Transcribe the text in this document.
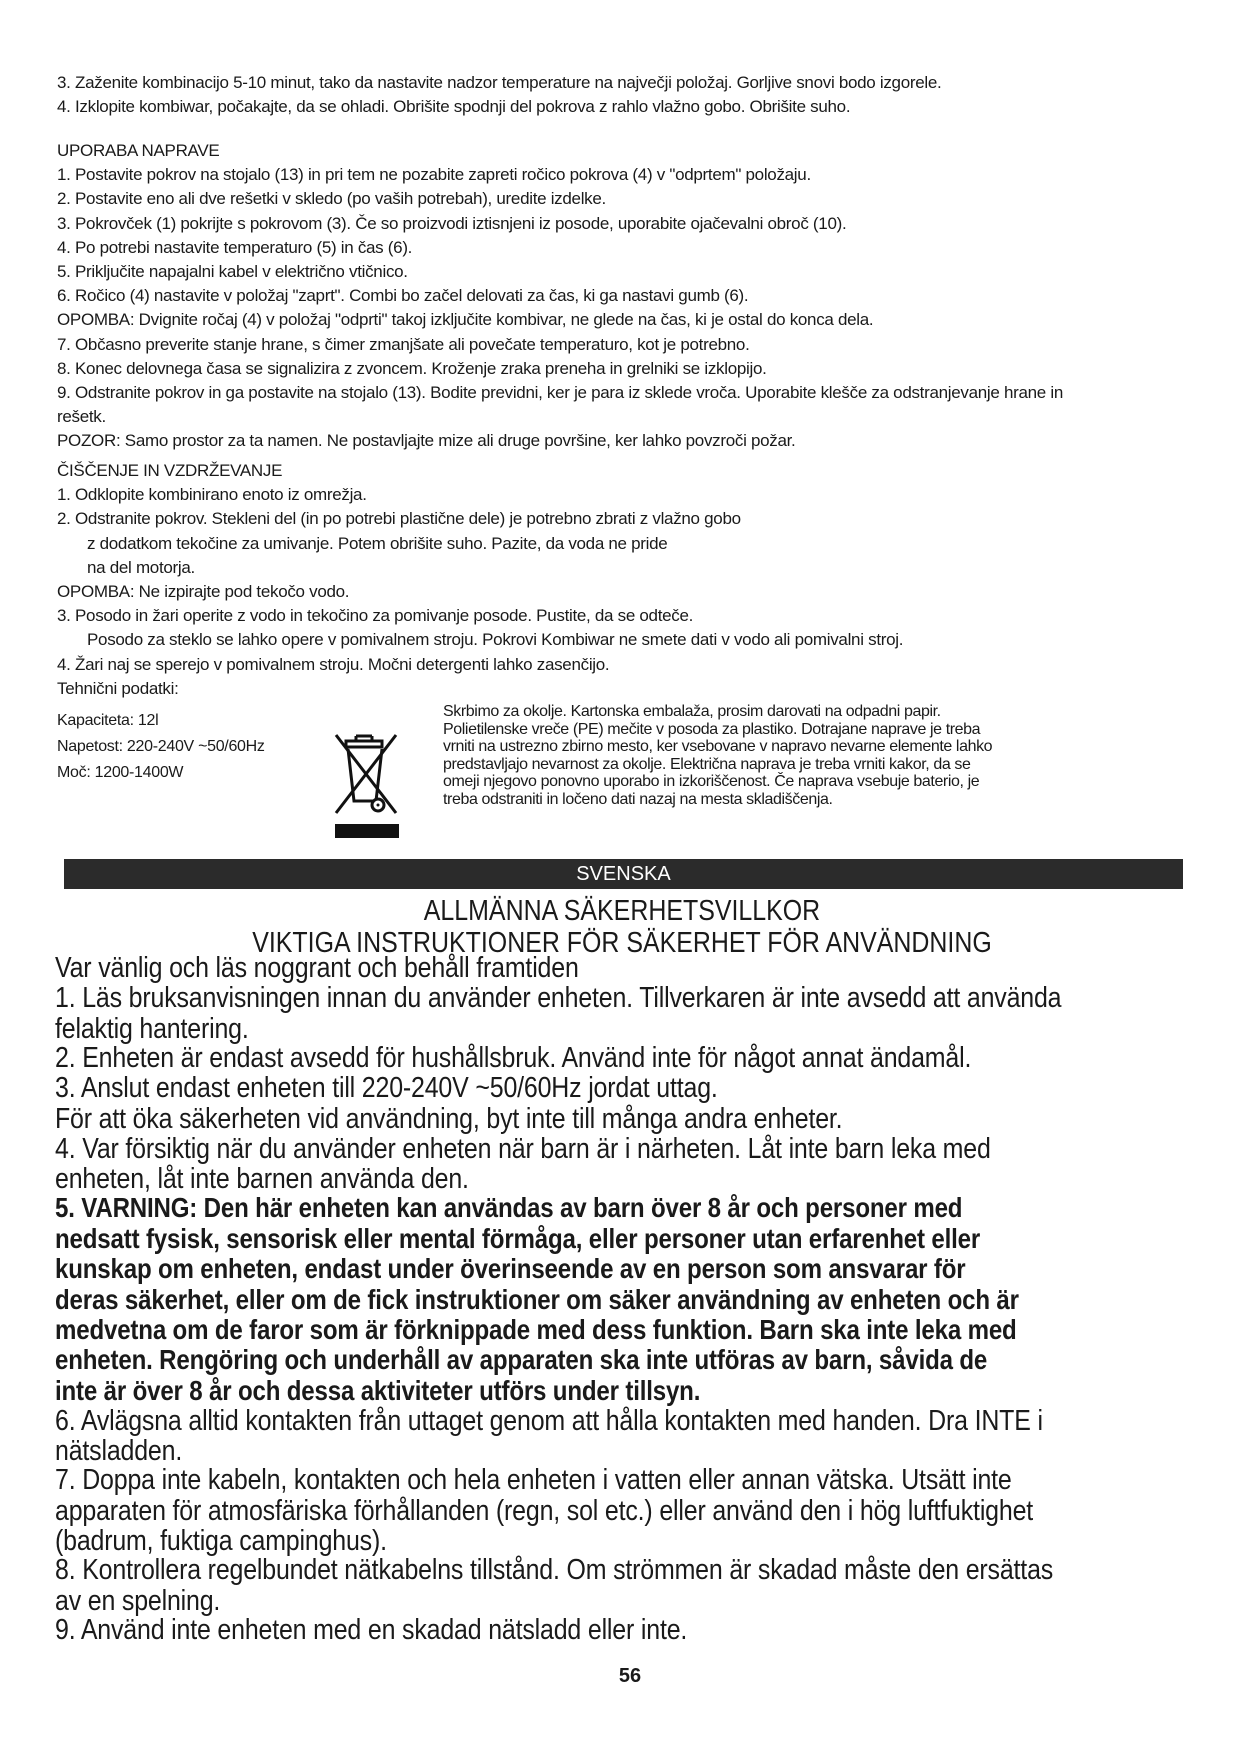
3. Zaženite kombinacijo 5-10 minut, tako da nastavite nadzor temperature na največji položaj. Gorljive snovi bodo izgorele.
4. Izklopite kombiwar, počakajte, da se ohladi. Obrišite spodnji del pokrova z rahlo vlažno gobo. Obrišite suho.
UPORABA NAPRAVE
1. Postavite pokrov na stojalo (13) in pri tem ne pozabite zapreti ročico pokrova (4) v "odprtem" položaju.
2. Postavite eno ali dve rešetki v skledo (po vaših potrebah), uredite izdelke.
3. Pokrovček (1) pokrijte s pokrovom (3). Če so proizvodi iztisnjeni iz posode, uporabite ojačevalni obroč (10).
4. Po potrebi nastavite temperaturo (5) in čas (6).
5. Priključite napajalni kabel v električno vtičnico.
6. Ročico (4) nastavite v položaj "zaprt". Combi bo začel delovati za čas, ki ga nastavi gumb (6).
OPOMBA: Dvignite ročaj (4) v položaj "odprti" takoj izključite kombivar, ne glede na čas, ki je ostal do konca dela.
7. Občasno preverite stanje hrane, s čimer zmanjšate ali povečate temperaturo, kot je potrebno.
8. Konec delovnega časa se signalizira z zvoncem. Kroženje zraka preneha in grelniki se izklopijo.
9. Odstranite pokrov in ga postavite na stojalo (13). Bodite previdni, ker je para iz sklede vroča. Uporabite klešče za odstranjevanje hrane in
rešetk.
POZOR: Samo prostor za ta namen. Ne postavljajte mize ali druge površine, ker lahko povzroči požar.
ČIŠČENJE IN VZDRŽEVANJE
1. Odklopite kombinirano enoto iz omrežja.
2. Odstranite pokrov. Stekleni del (in po potrebi plastične dele) je potrebno zbrati z vlažno gobo
z dodatkom tekočine za umivanje. Potem obrišite suho. Pazite, da voda ne pride
na del motorja.
OPOMBA: Ne izpirajte pod tekočo vodo.
3. Posodo in žari operite z vodo in tekočino za pomivanje posode. Pustite, da se odteče.
Posodo za steklo se lahko opere v pomivalnem stroju. Pokrovi Kombiwar ne smete dati v vodo ali pomivalni stroj.
4. Žari naj se sperejo v pomivalnem stroju. Močni detergenti lahko zasenčijo.
Tehnični podatki:
Kapaciteta: 12l
Napetost: 220-240V ~50/60Hz
Moč: 1200-1400W
Skrbimo za okolje. Kartonska embalaža, prosim darovati na odpadni papir.
Polietilenske vreče (PE) mečite v posoda za plastiko. Dotrajane naprave je treba
vrniti na ustrezno zbirno mesto, ker vsebovane v napravo nevarne elemente lahko
predstavljajo nevarnost za okolje. Električna naprava je treba vrniti kakor, da se
omeji njegovo ponovno uporabo in izkoriščenost. Če naprava vsebuje baterio, je
treba odstraniti in ločeno dati nazaj na mesta skladiščenja.
SVENSKA
ALLMÄNNA SÄKERHETSVILLKOR
VIKTIGA INSTRUKTIONER FÖR SÄKERHET FÖR ANVÄNDNING
Var vänlig och läs noggrant och behåll framtiden
1. Läs bruksanvisningen innan du använder enheten. Tillverkaren är inte avsedd att använda
felaktig hantering.
2. Enheten är endast avsedd för hushållsbruk. Använd inte för något annat ändamål.
3. Anslut endast enheten till 220-240V ~50/60Hz jordat uttag.
För att öka säkerheten vid användning, byt inte till många andra enheter.
4. Var försiktig när du använder enheten när barn är i närheten. Låt inte barn leka med
enheten, låt inte barnen använda den.
5. VARNING: Den här enheten kan användas av barn över 8 år och personer med
nedsatt fysisk, sensorisk eller mental förmåga, eller personer utan erfarenhet eller
kunskap om enheten, endast under överinseende av en person som ansvarar för
deras säkerhet, eller om de fick instruktioner om säker användning av enheten och är
medvetna om de faror som är förknippade med dess funktion. Barn ska inte leka med
enheten. Rengöring och underhåll av apparaten ska inte utföras av barn, såvida de
inte är över 8 år och dessa aktiviteter utförs under tillsyn.
6. Avlägsna alltid kontakten från uttaget genom att hålla kontakten med handen. Dra INTE i
nätsladden.
7. Doppa inte kabeln, kontakten och hela enheten i vatten eller annan vätska. Utsätt inte
apparaten för atmosfäriska förhållanden (regn, sol etc.) eller använd den i hög luftfuktighet
(badrum, fuktiga campinghus).
8. Kontrollera regelbundet nätkabelns tillstånd. Om strömmen är skadad måste den ersättas
av en spelning.
9. Använd inte enheten med en skadad nätsladd eller inte.
56
